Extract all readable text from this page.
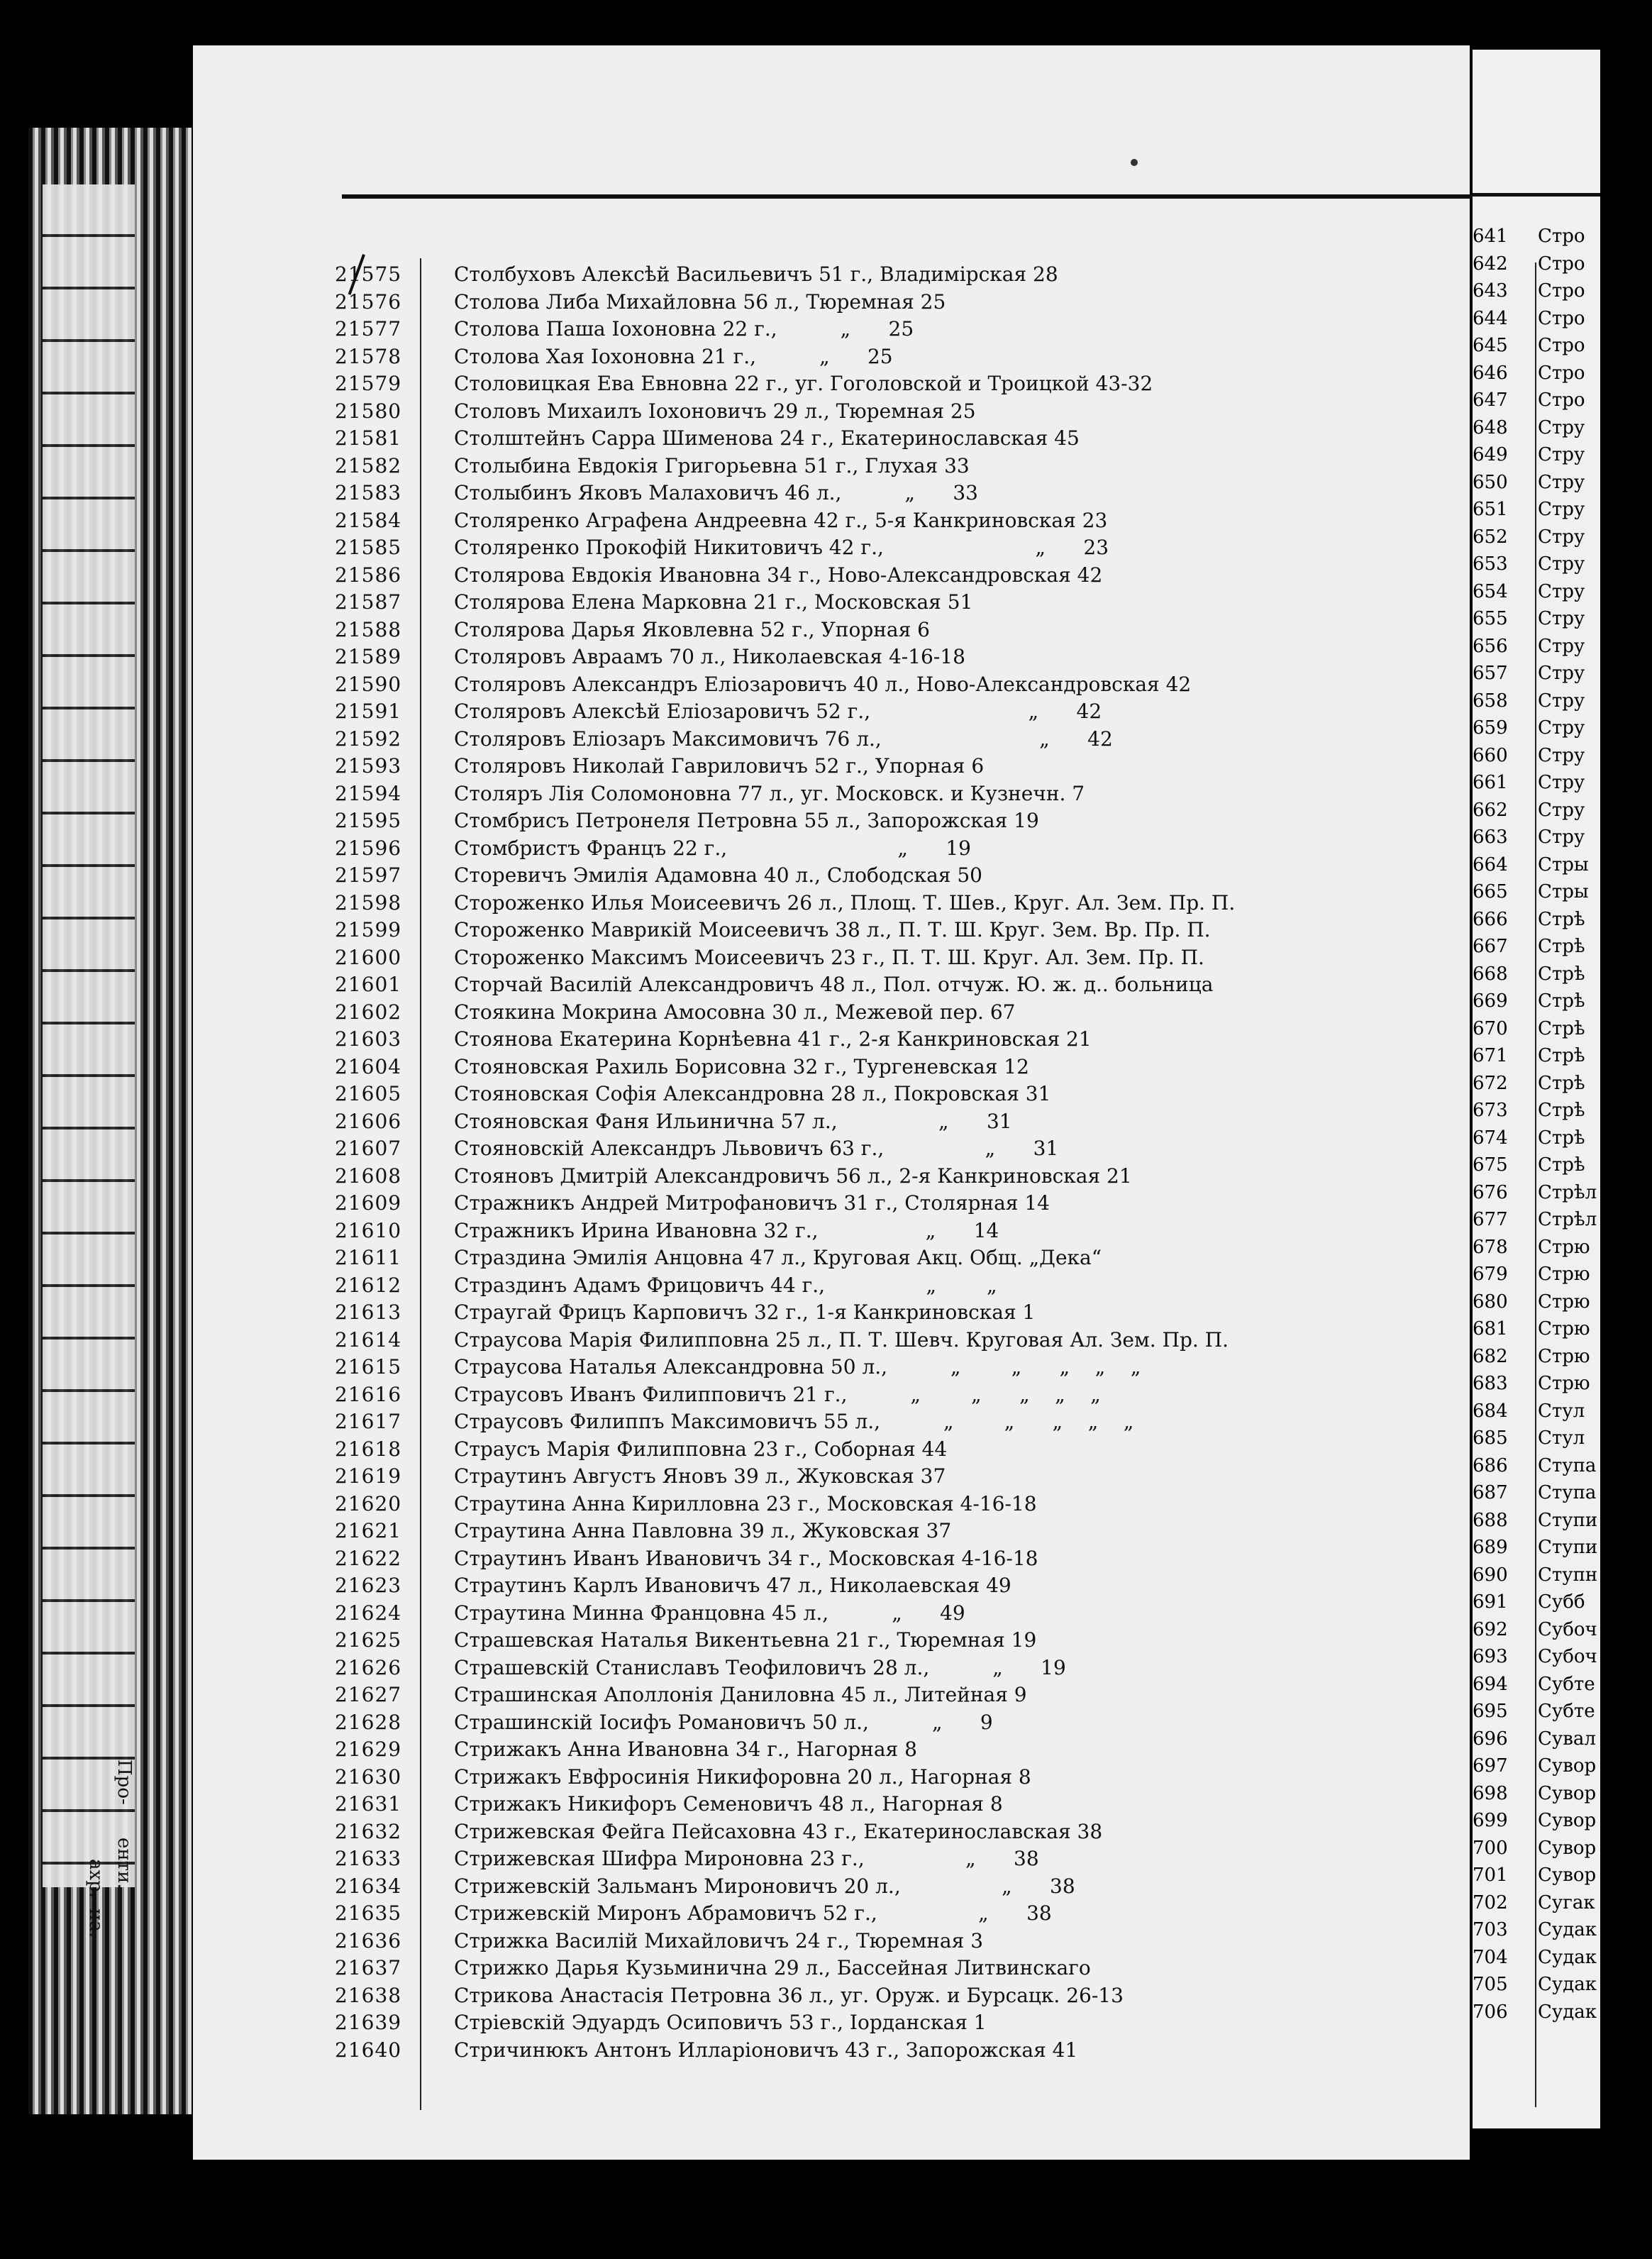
Про-
енти.
ахр.
на.
21575	Столбуховъ Алексѣй Васильевичъ 51 г., Владимірская 28
21576	Столова Либа Михайловна 56 л., Тюремная 25
21577	Столова Паша Іохоновна 22 г.,          „      25
21578	Столова Хая Іохоновна 21 г.,          „      25
21579	Столовицкая Ева Евновна 22 г., уг. Гоголовской и Троицкой 43-32
21580	Столовъ Михаилъ Іохоновичъ 29 л., Тюремная 25
21581	Столштейнъ Сарра Шименова 24 г., Екатеринославская 45
21582	Столыбина Евдокія Григорьевна 51 г., Глухая 33
21583	Столыбинъ Яковъ Малаховичъ 46 л.,          „      33
21584	Столяренко Аграфена Андреевна 42 г., 5-я Канкриновская 23
21585	Столяренко Прокофій Никитовичъ 42 г.,                        „      23
21586	Столярова Евдокія Ивановна 34 г., Ново-Александровская 42
21587	Столярова Елена Марковна 21 г., Московская 51
21588	Столярова Дарья Яковлевна 52 г., Упорная 6
21589	Столяровъ Авраамъ 70 л., Николаевская 4-16-18
21590	Столяровъ Александръ Еліозаровичъ 40 л., Ново-Александровская 42
21591	Столяровъ Алексѣй Еліозаровичъ 52 г.,                         „      42
21592	Столяровъ Еліозаръ Максимовичъ 76 л.,                         „      42
21593	Столяровъ Николай Гавриловичъ 52 г., Упорная 6
21594	Столяръ Лія Соломоновна 77 л., уг. Московск. и Кузнечн. 7
21595	Стомбрисъ Петронеля Петровна 55 л., Запорожская 19
21596	Стомбристъ Францъ 22 г.,                           „      19
21597	Сторевичъ Эмилія Адамовна 40 л., Слободская 50
21598	Стороженко Илья Моисеевичъ 26 л., Площ. Т. Шев., Круг. Ал. Зем. Пр. П.
21599	Стороженко Маврикій Моисеевичъ 38 л., П. Т. Ш. Круг. Зем. Вр. Пр. П.
21600	Стороженко Максимъ Моисеевичъ 23 г., П. Т. Ш. Круг. Ал. Зем. Пр. П.
21601	Сторчай Василій Александровичъ 48 л., Пол. отчуж. Ю. ж. д.. больница
21602	Стоякина Мокрина Амосовна 30 л., Межевой пер. 67
21603	Стоянова Екатерина Корнѣевна 41 г., 2-я Канкриновская 21
21604	Стояновская Рахиль Борисовна 32 г., Тургеневская 12
21605	Стояновская Софія Александровна 28 л., Покровская 31
21606	Стояновская Фаня Ильинична 57 л.,                „      31
21607	Стояновскій Александръ Львовичъ 63 г.,                „      31
21608	Стояновъ Дмитрій Александровичъ 56 л., 2-я Канкриновская 21
21609	Стражникъ Андрей Митрофановичъ 31 г., Столярная 14
21610	Стражникъ Ирина Ивановна 32 г.,                 „      14
21611	Страздина Эмилія Анцовна 47 л., Круговая Акц. Общ. „Дека“
21612	Страздинъ Адамъ Фрицовичъ 44 г.,                „        „
21613	Страугай Фрицъ Карповичъ 32 г., 1-я Канкриновская 1
21614	Страусова Марія Филипповна 25 л., П. Т. Шевч. Круговая Ал. Зем. Пр. П.
21615	Страусова Наталья Александровна 50 л.,          „        „      „    „    „
21616	Страусовъ Иванъ Филипповичъ 21 г.,          „        „      „    „    „
21617	Страусовъ Филиппъ Максимовичъ 55 л.,          „        „      „    „    „
21618	Страусъ Марія Филипповна 23 г., Соборная 44
21619	Страутинъ Августъ Яновъ 39 л., Жуковская 37
21620	Страутина Анна Кирилловна 23 г., Московская 4-16-18
21621	Страутина Анна Павловна 39 л., Жуковская 37
21622	Страутинъ Иванъ Ивановичъ 34 г., Московская 4-16-18
21623	Страутинъ Карлъ Ивановичъ 47 л., Николаевская 49
21624	Страутина Минна Францовна 45 л.,          „      49
21625	Страшевская Наталья Викентьевна 21 г., Тюремная 19
21626	Страшевскій Станиславъ Теофиловичъ 28 л.,          „      19
21627	Страшинская Аполлонія Даниловна 45 л., Литейная 9
21628	Страшинскій Іосифъ Романовичъ 50 л.,          „      9
21629	Стрижакъ Анна Ивановна 34 г., Нагорная 8
21630	Стрижакъ Евфросинія Никифоровна 20 л., Нагорная 8
21631	Стрижакъ Никифоръ Семеновичъ 48 л., Нагорная 8
21632	Стрижевская Фейга Пейсаховна 43 г., Екатеринославская 38
21633	Стрижевская Шифра Мироновна 23 г.,                „      38
21634	Стрижевскій Зальманъ Мироновичъ 20 л.,                „      38
21635	Стрижевскій Миронъ Абрамовичъ 52 г.,                „      38
21636	Стрижка Василій Михайловичъ 24 г., Тюремная 3
21637	Стрижко Дарья Кузьминична 29 л., Бассейная Литвинскаго
21638	Стрикова Анастасія Петровна 36 л., уг. Оруж. и Бурсацк. 26-13
21639	Стріевскій Эдуардъ Осиповичъ 53 г., Іорданская 1
21640	Стричинюкъ Антонъ Илларіоновичъ 43 г., Запорожская 41
641 Стро
642 Стро
643 Стро
644 Стро
645 Стро
646 Стро
647 Стро
648 Стру
649 Стру
650 Стру
651 Стру
652 Стру
653 Стру
654 Стру
655 Стру
656 Стру
657 Стру
658 Стру
659 Стру
660 Стру
661 Стру
662 Стру
663 Стру
664 Стры
665 Стры
666 Стрѣ
667 Стрѣ
668 Стрѣ
669 Стрѣ
670 Стрѣ
671 Стрѣ
672 Стрѣ
673 Стрѣ
674 Стрѣ
675 Стрѣ
676 Стрѣл
677 Стрѣл
678 Стрю
679 Стрю
680 Стрю
681 Стрю
682 Стрю
683 Стрю
684 Стул
685 Стул
686 Ступа
687 Ступа
688 Ступи
689 Ступи
690 Ступн
691 Субб
692 Субоч
693 Субоч
694 Субте
695 Субте
696 Сувал
697 Сувор
698 Сувор
699 Сувор
700 Сувор
701 Сувор
702 Сугак
703 Судак
704 Судак
705 Судак
706 Судак
